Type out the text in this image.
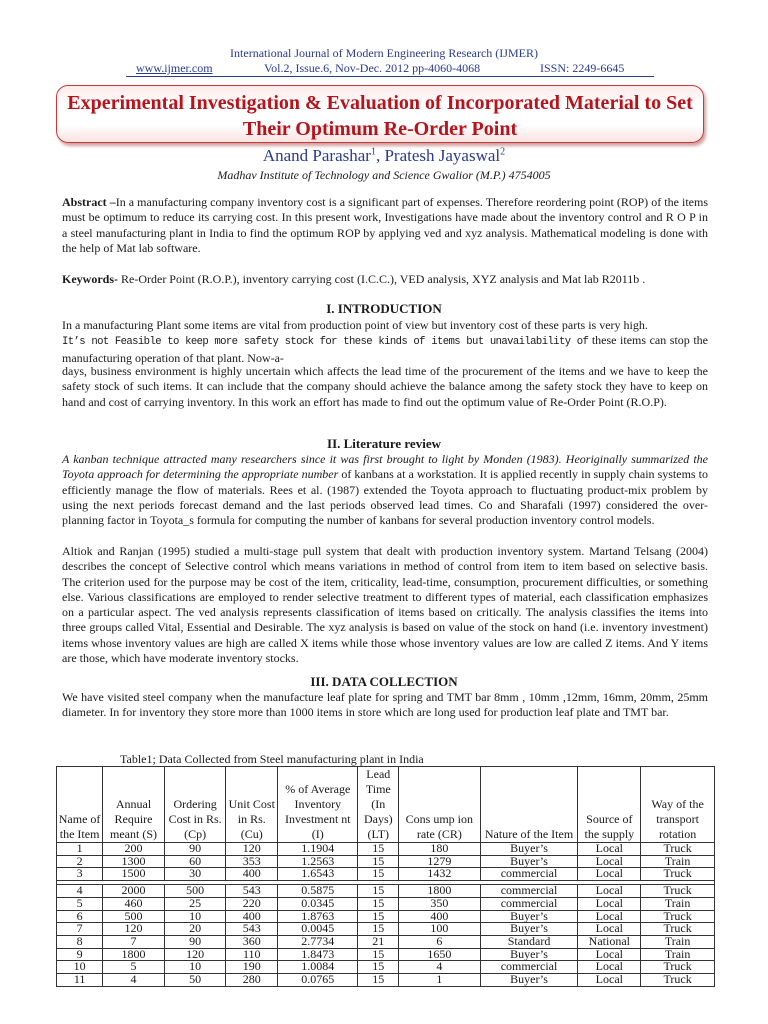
International Journal of Modern Engineering Research (IJMER)
www.ijmer.com	Vol.2, Issue.6, Nov-Dec. 2012 pp-4060-4068	ISSN: 2249-6645
Experimental Investigation & Evaluation of Incorporated Material to Set
Their Optimum Re-Order Point
Anand Parashar$^1$, Pratesh Jayaswal$^2$
Madhav Institute of Technology and Science Gwalior (M.P.) 4754005
Abstract –In a manufacturing company inventory cost is a significant part of expenses. Therefore reordering point (ROP) of the items must be optimum to reduce its carrying cost. In this present work, Investigations have made about the inventory control and R O P in a steel manufacturing plant in India to find the optimum ROP by applying ved and xyz analysis. Mathematical modeling is done with the help of Mat lab software.
Keywords- Re-Order Point (R.O.P.), inventory carrying cost (I.C.C.), VED analysis, XYZ analysis and Mat lab R2011b .
I. INTRODUCTION
In a manufacturing Plant some items are vital from production point of view but inventory cost of these parts is very high.
It’s not Feasible to keep more safety stock for these kinds of items but unavailability of these items can stop the manufacturing operation of that plant. Now-a-
days, business environment is highly uncertain which affects the lead time of the procurement of the items and we have to keep the safety stock of such items. It can include that the company should achieve the balance among the safety stock they have to keep on hand and cost of carrying inventory. In this work an effort has made to find out the optimum value of Re-Order Point (R.O.P).
II. Literature review
A kanban technique attracted many researchers since it was first brought to light by Monden (1983). Heoriginally summarized the Toyota approach for determining the appropriate number of kanbans at a workstation. It is applied recently in supply chain systems to efficiently manage the flow of materials. Rees et al. (1987) extended the Toyota approach to fluctuating product-mix problem by using the next periods forecast demand and the last periods observed lead times. Co and Sharafali (1997) considered the over-planning factor in Toyota_s formula for computing the number of kanbans for several production inventory control models.
Altiok and Ranjan (1995) studied a multi-stage pull system that dealt with production inventory system. Martand Telsang (2004) describes the concept of Selective control which means variations in method of control from item to item based on selective basis. The criterion used for the purpose may be cost of the item, criticality, lead-time, consumption, procurement difficulties, or something else. Various classifications are employed to render selective treatment to different types of material, each classification emphasizes on a particular aspect. The ved analysis represents classification of items based on critically. The analysis classifies the items into three groups called Vital, Essential and Desirable. The xyz analysis is based on value of the stock on hand (i.e. inventory investment) items whose inventory values are high are called X items while those whose inventory values are low are called Z items. And Y items are those, which have moderate inventory stocks.
III. DATA COLLECTION
We have visited steel company when the manufacture leaf plate for spring and TMT bar 8mm , 10mm ,12mm, 16mm, 20mm, 25mm diameter. In for inventory they store more than 1000 items in store which are long used for production leaf plate and TMT bar.
Table1; Data Collected from Steel manufacturing plant in India
Name of the Item	Annual Require meant (S)	Ordering Cost in Rs. (Cp)	Unit Cost in Rs. (Cu)	% of Average Inventory Investment nt (I)	Lead Time (In Days) (LT)	Cons ump ion rate (CR)	Nature of the Item	Source of the supply	Way of the transport rotation
1	200	90	120	1.1904	15	180	Buyer’s	Local	Truck
2	1300	60	353	1.2563	15	1279	Buyer’s	Local	Train
3	1500	30	400	1.6543	15	1432	commercial	Local	Truck

4	2000	500	543	0.5875	15	1800	commercial	Local	Truck
5	460	25	220	0.0345	15	350	commercial	Local	Train
6	500	10	400	1.8763	15	400	Buyer’s	Local	Truck
7	120	20	543	0.0045	15	100	Buyer’s	Local	Truck
8	7	90	360	2.7734	21	6	Standard	National	Train
9	1800	120	110	1.8473	15	1650	Buyer’s	Local	Train
10	5	10	190	1.0084	15	4	commercial	Local	Truck
11	4	50	280	0.0765	15	1	Buyer’s	Local	Truck
